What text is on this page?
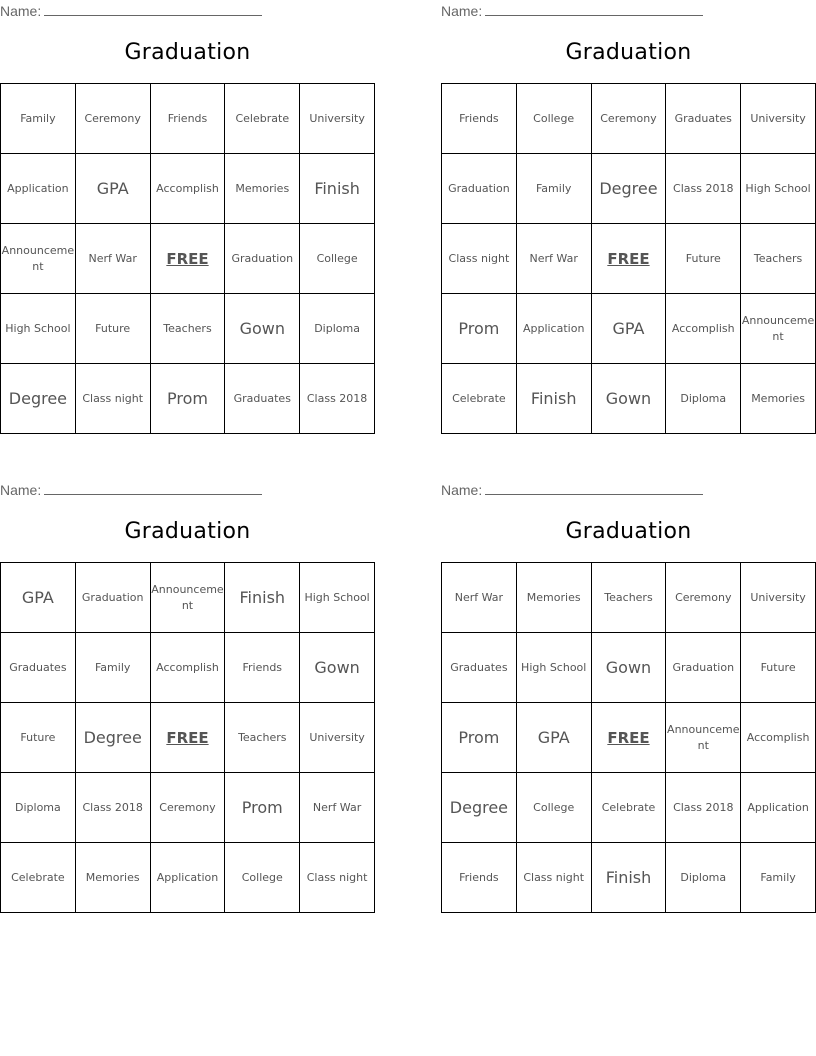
Name:
Graduation
Family	Ceremony	Friends	Celebrate	University
Application	GPA	Accomplish	Memories	Finish
Announcement	Nerf War	FREE	Graduation	College
High School	Future	Teachers	Gown	Diploma
Degree	Class night	Prom	Graduates	Class 2018
Name:
Graduation
Friends	College	Ceremony	Graduates	University
Graduation	Family	Degree	Class 2018	High School
Class night	Nerf War	FREE	Future	Teachers
Prom	Application	GPA	Accomplish	Announcement
Celebrate	Finish	Gown	Diploma	Memories
Name:
Graduation
GPA	Graduation	Announcement	Finish	High School
Graduates	Family	Accomplish	Friends	Gown
Future	Degree	FREE	Teachers	University
Diploma	Class 2018	Ceremony	Prom	Nerf War
Celebrate	Memories	Application	College	Class night
Name:
Graduation
Nerf War	Memories	Teachers	Ceremony	University
Graduates	High School	Gown	Graduation	Future
Prom	GPA	FREE	Announcement	Accomplish
Degree	College	Celebrate	Class 2018	Application
Friends	Class night	Finish	Diploma	Family
